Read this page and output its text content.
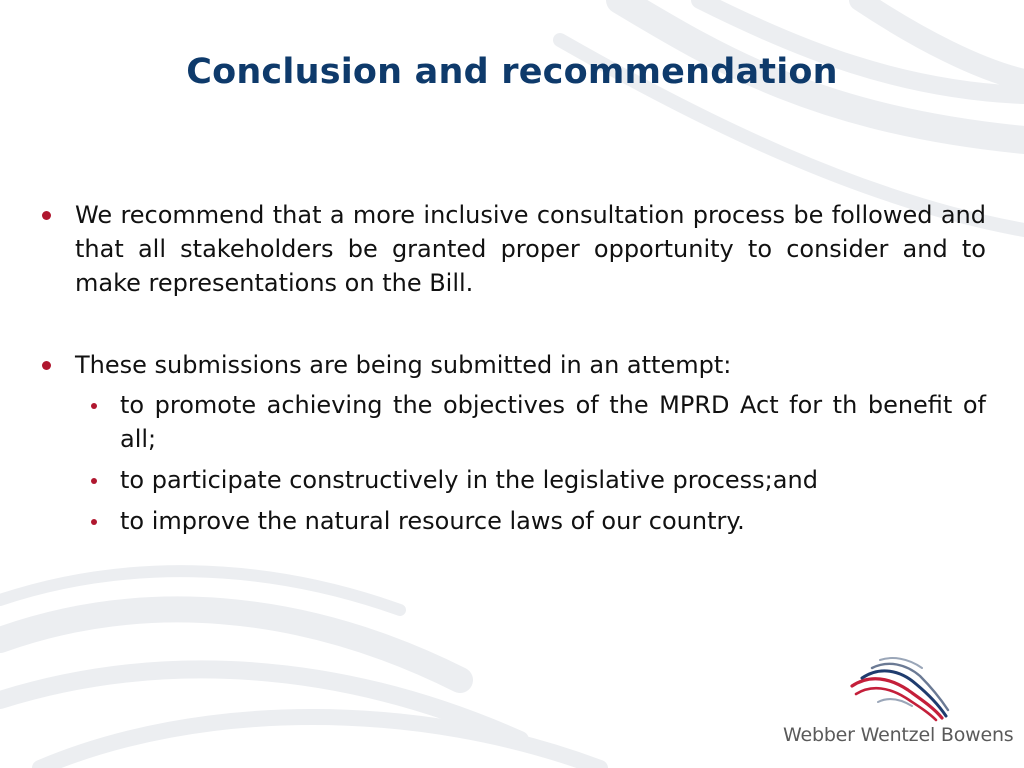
Conclusion and recommendation
We recommend that a more inclusive consultation process be followed and that all stakeholders be granted proper opportunity to consider and to make representations on the Bill.
These submissions are being submitted in an attempt:
to promote achieving the objectives of the MPRD Act for th benefit of all;
to participate constructively in the legislative process;and
to improve the natural resource laws of our country.
Webber Wentzel Bowens
